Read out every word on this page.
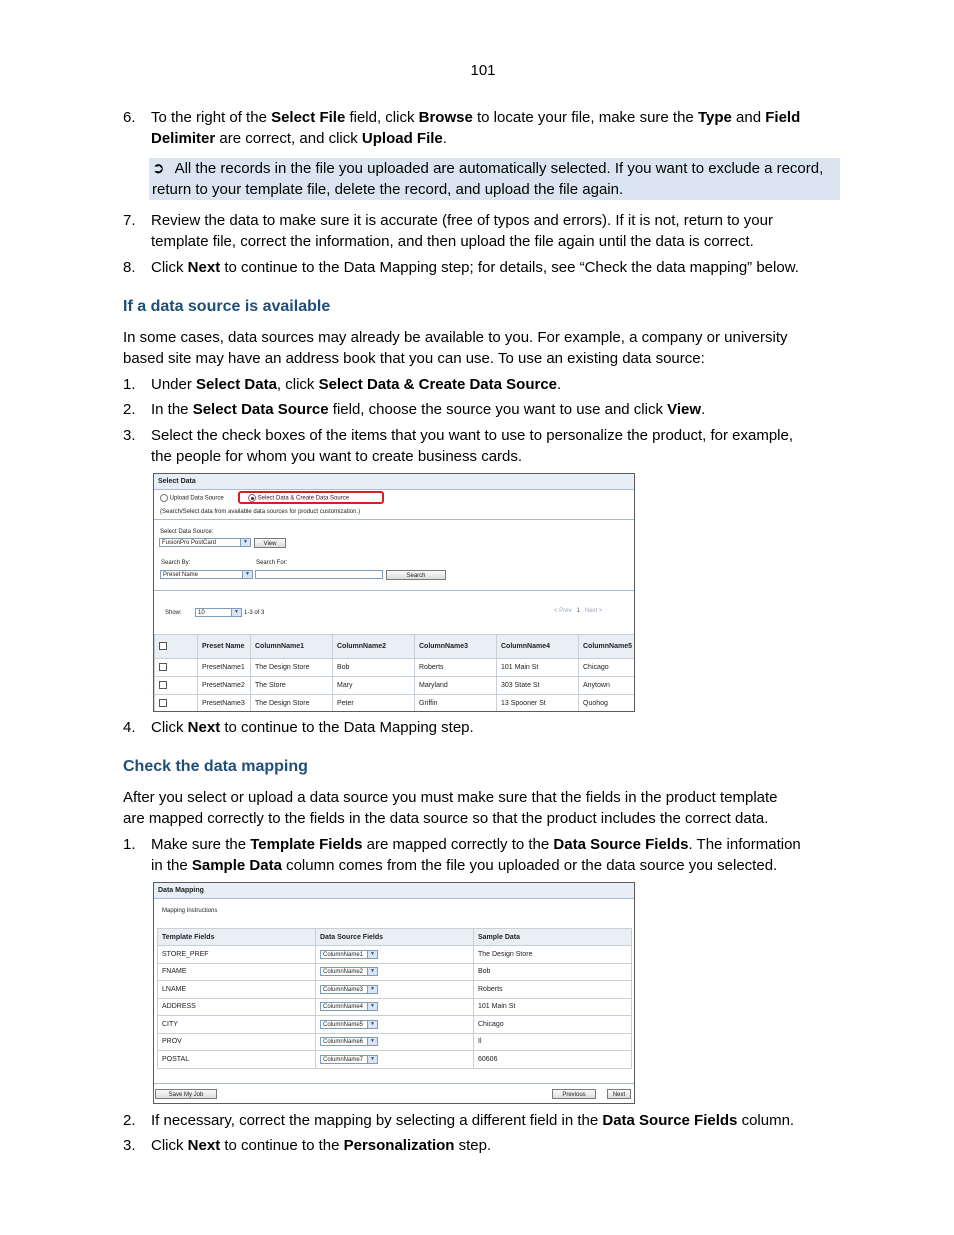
101
6. To the right of the Select File field, click Browse to locate your file, make sure the Type and Field
Delimiter are correct, and click Upload File.
➲ All the records in the file you uploaded are automatically selected. If you want to exclude a record, return to your template file, delete the record, and upload the file again.
7. Review the data to make sure it is accurate (free of typos and errors). If it is not, return to your
template file, correct the information, and then upload the file again until the data is correct.
8. Click Next to continue to the Data Mapping step; for details, see “Check the data mapping” below.
If a data source is available
In some cases, data sources may already be available to you. For example, a company or university
based site may have an address book that you can use. To use an existing data source:
1. Under Select Data, click Select Data & Create Data Source.
2. In the Select Data Source field, choose the source you want to use and click View.
3. Select the check boxes of the items that you want to use to personalize the product, for example,
the people for whom you want to create business cards.
Select Data
Upload Data Source	Select Data & Create Data Source
(Search/Select data from available data sources for product customization.)
Select Data Source:
FusionPro PostCard	▼	View
Search By:
Preset Name	▼
Search For:
Search
Show:	10	▼ 1-3 of 3	< Prev 1 Next >
	Preset Name	ColumnName1	ColumnName2	ColumnName3	ColumnName4	ColumnName5
	PresetName1	The Design Store	Bob	Roberts	101 Main St	Chicago
	PresetName2	The Store	Mary	Maryland	303 State St	Anytown
	PresetName3	The Design Store	Peter	Griffin	13 Spooner St	Quohog
4. Click Next to continue to the Data Mapping step.
Check the data mapping
After you select or upload a data source you must make sure that the fields in the product template
are mapped correctly to the fields in the data source so that the product includes the correct data.
1. Make sure the Template Fields are mapped correctly to the Data Source Fields. The information
in the Sample Data column comes from the file you uploaded or the data source you selected.
Data Mapping
Mapping Instructions
Template Fields	Data Source Fields	Sample Data
STORE_PREF	ColumnName1 ▼	The Design Store
FNAME	ColumnName2 ▼	Bob
LNAME	ColumnName3 ▼	Roberts
ADDRESS	ColumnName4 ▼	101 Main St
CITY	ColumnName5 ▼	Chicago
PROV	ColumnName6 ▼	Il
POSTAL	ColumnName7 ▼	60606
Save My Job	Previous	Next
2. If necessary, correct the mapping by selecting a different field in the Data Source Fields column.
3. Click Next to continue to the Personalization step.
